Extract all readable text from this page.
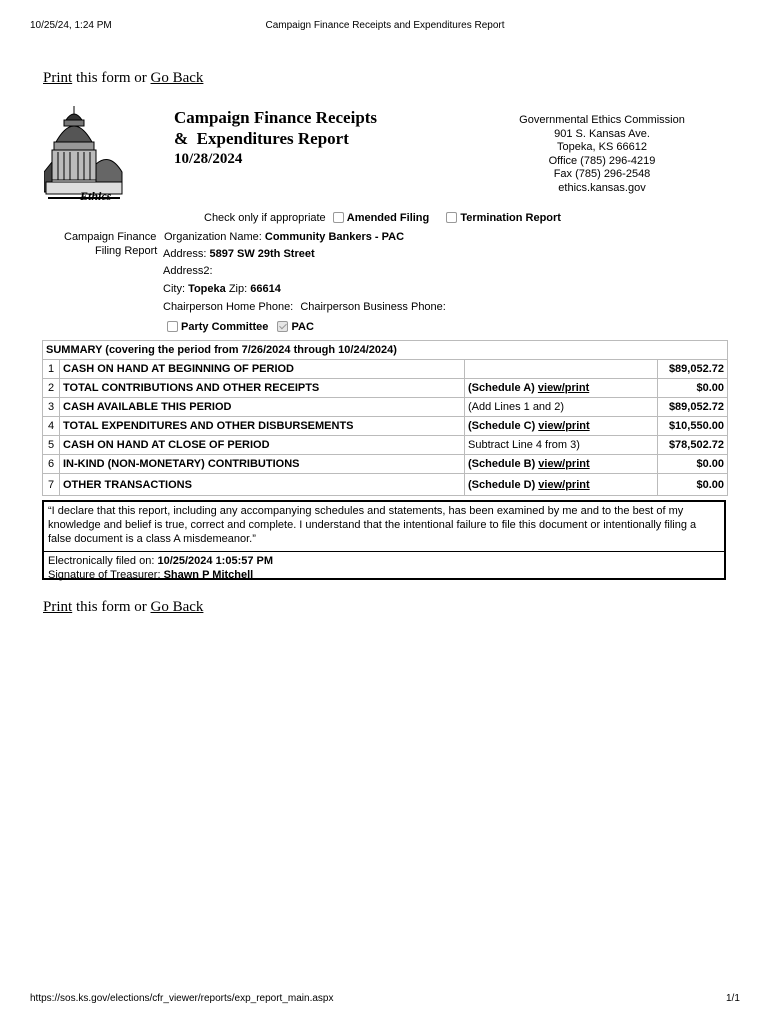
10/25/24, 1:24 PM	Campaign Finance Receipts and Expenditures Report
Print this form or Go Back
Ethics
Campaign Finance Receipts
&  Expenditures Report
10/28/2024
Governmental Ethics Commission
901 S. Kansas Ave.
Topeka, KS 66612
Office (785) 296-4219
Fax (785) 296-2548
ethics.kansas.gov
Check only if appropriate Amended Filing	Termination Report
Campaign Finance
Filing Report
Organization Name: Community Bankers - PAC
Address: 5897 SW 29th Street
Address2:
City: Topeka Zip: 66614
Chairperson Home Phone: Chairperson Business Phone:
Party Committee PAC
SUMMARY (covering the period from 7/26/2024 through 10/24/2024)			
1	CASH ON HAND AT BEGINNING OF PERIOD		$89,052.72
2	TOTAL CONTRIBUTIONS AND OTHER RECEIPTS	(Schedule A) view/print	$0.00
3	CASH AVAILABLE THIS PERIOD	(Add Lines 1 and 2)	$89,052.72
4	TOTAL EXPENDITURES AND OTHER DISBURSEMENTS	(Schedule C) view/print	$10,550.00
5	CASH ON HAND AT CLOSE OF PERIOD	Subtract Line 4 from 3)	$78,502.72
6	IN-KIND (NON-MONETARY) CONTRIBUTIONS	(Schedule B) view/print	$0.00
7	OTHER TRANSACTIONS	(Schedule D) view/print	$0.00
“I declare that this report, including any accompanying schedules and statements, has been examined by me and to the best of my knowledge and belief is true, correct and complete. I understand that the intentional failure to file this document or intentionally filing a false document is a class A misdemeanor.”
Electronically filed on: 10/25/2024 1:05:57 PM
Signature of Treasurer: Shawn P Mitchell
Print this form or Go Back
https://sos.ks.gov/elections/cfr_viewer/reports/exp_report_main.aspx	1/1
